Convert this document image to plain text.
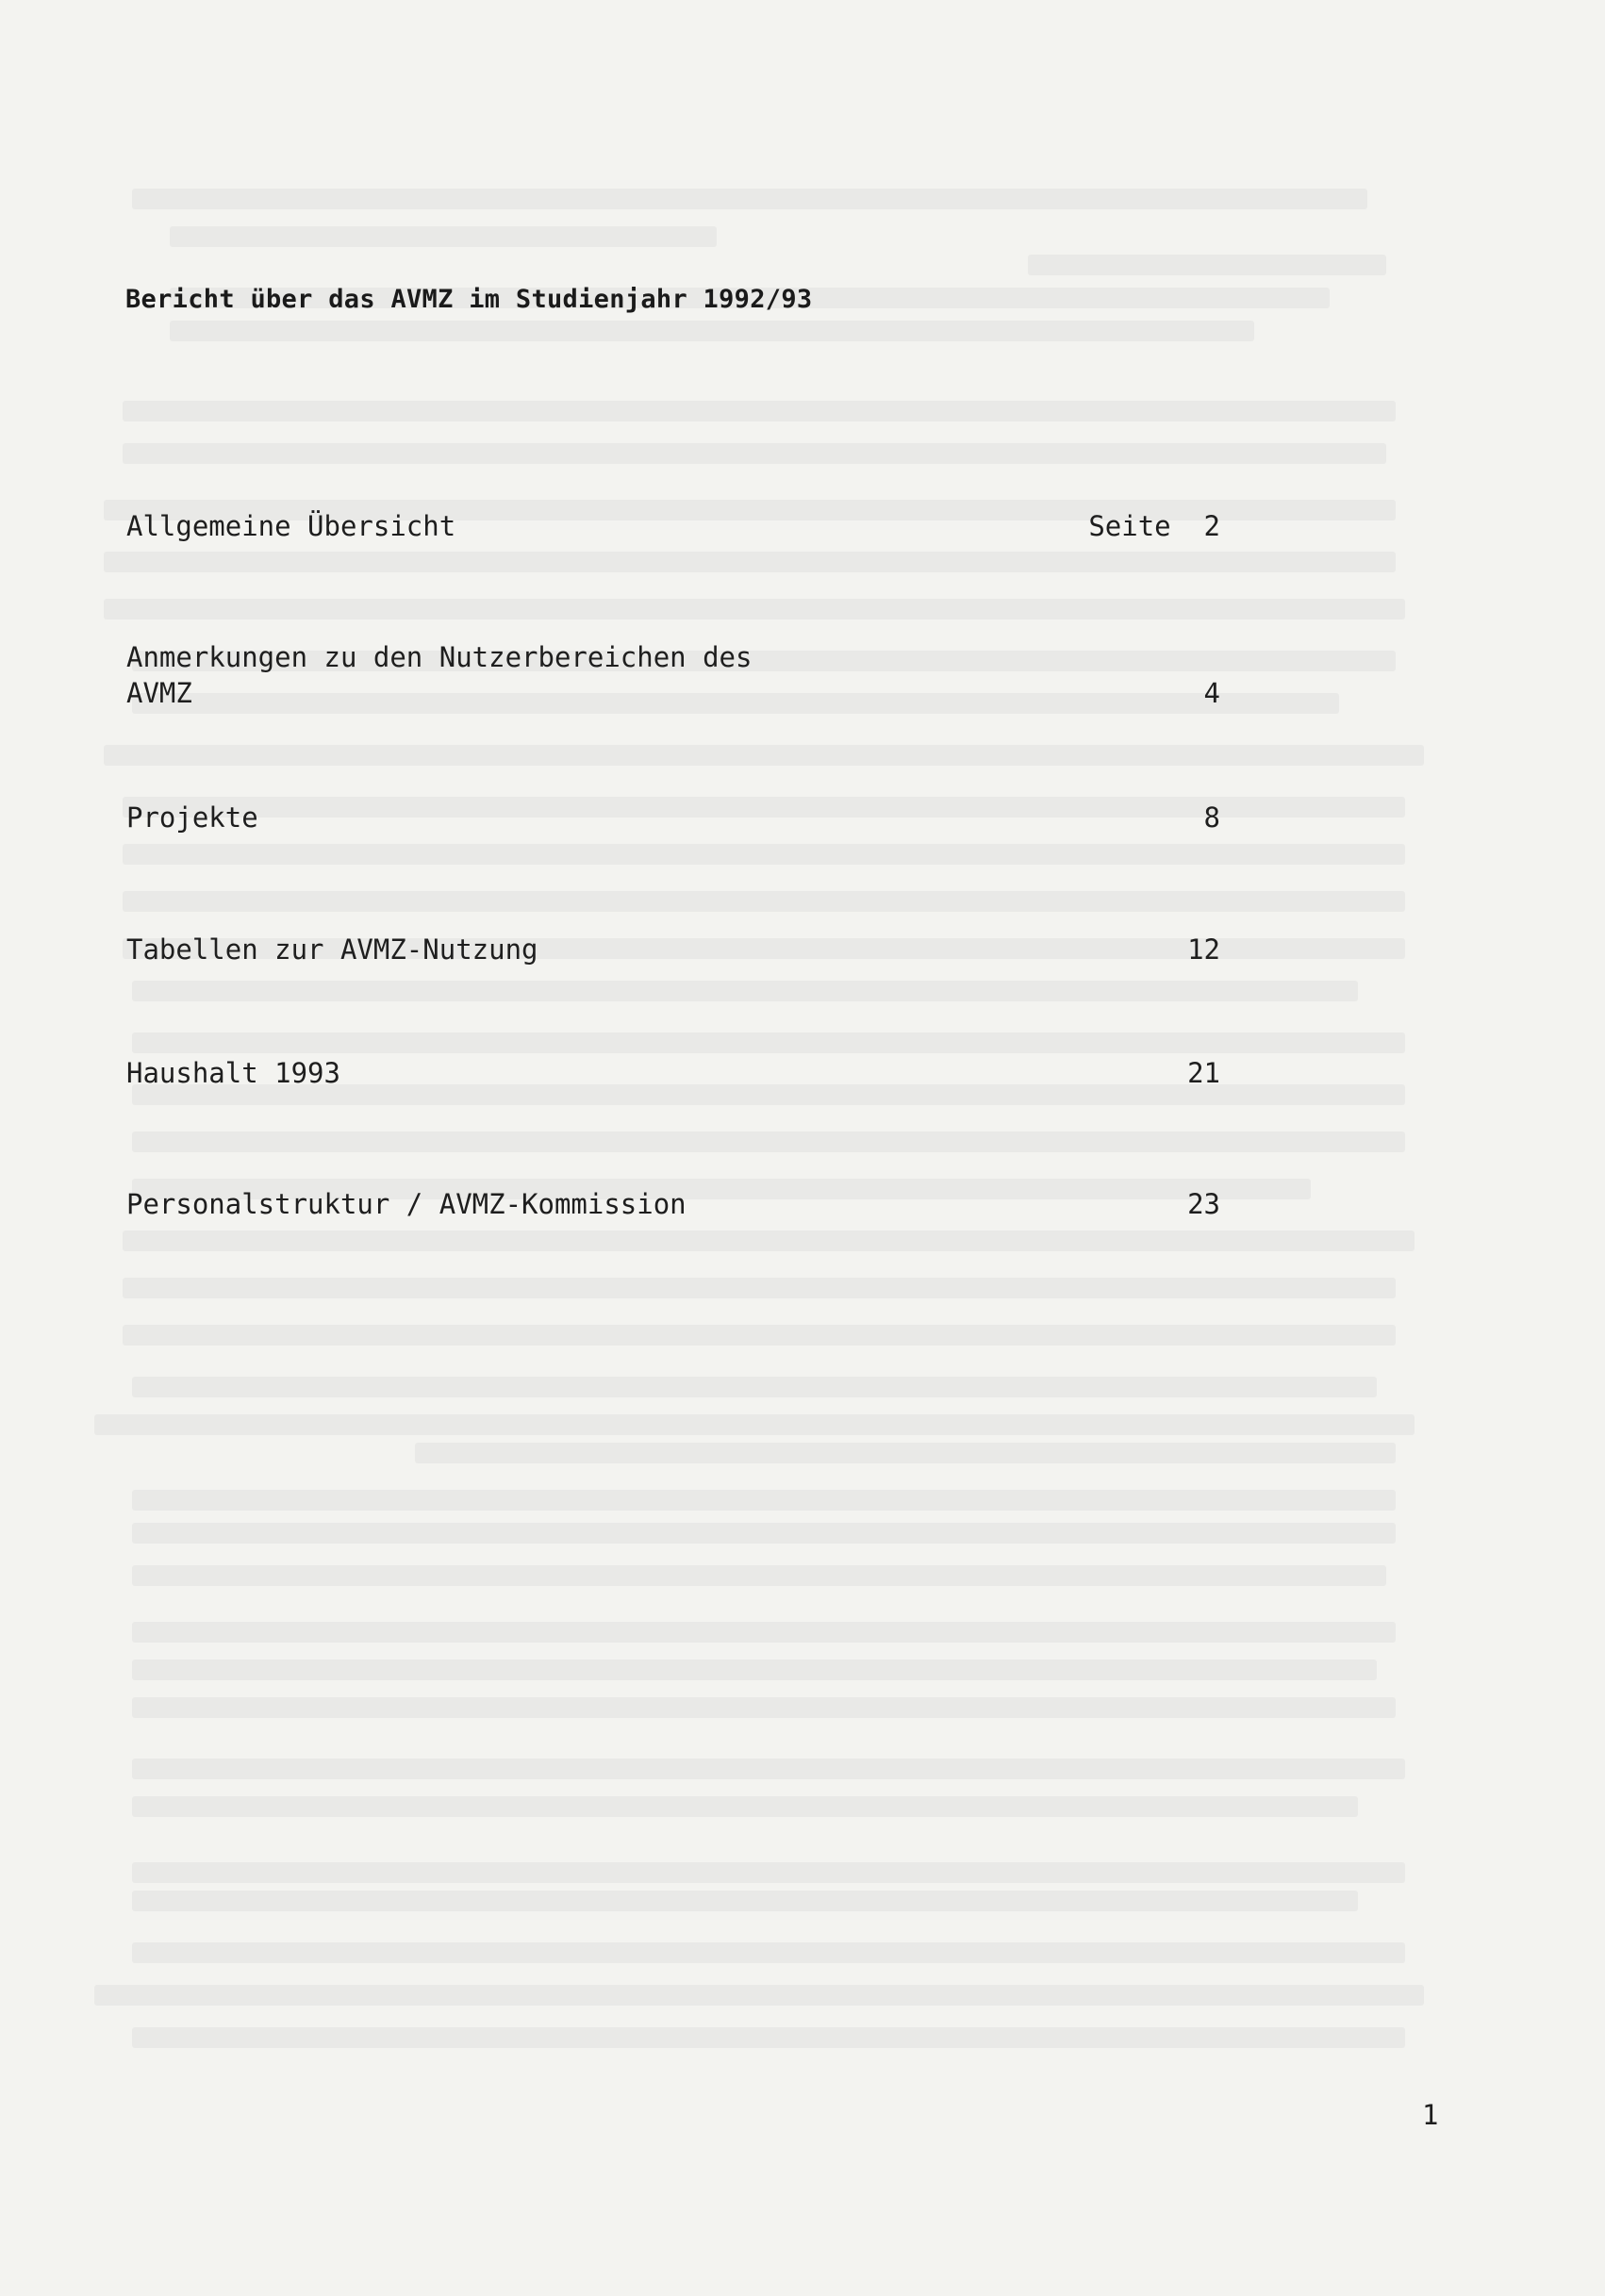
Bericht über das AVMZ im Studienjahr 1992/93
Allgemeine Übersicht	Seite  2
Anmerkungen zu den Nutzerbereichen des AVMZ	4
Projekte	8
Tabellen zur AVMZ-Nutzung	12
Haushalt 1993	21
Personalstruktur / AVMZ-Kommission	23
1
